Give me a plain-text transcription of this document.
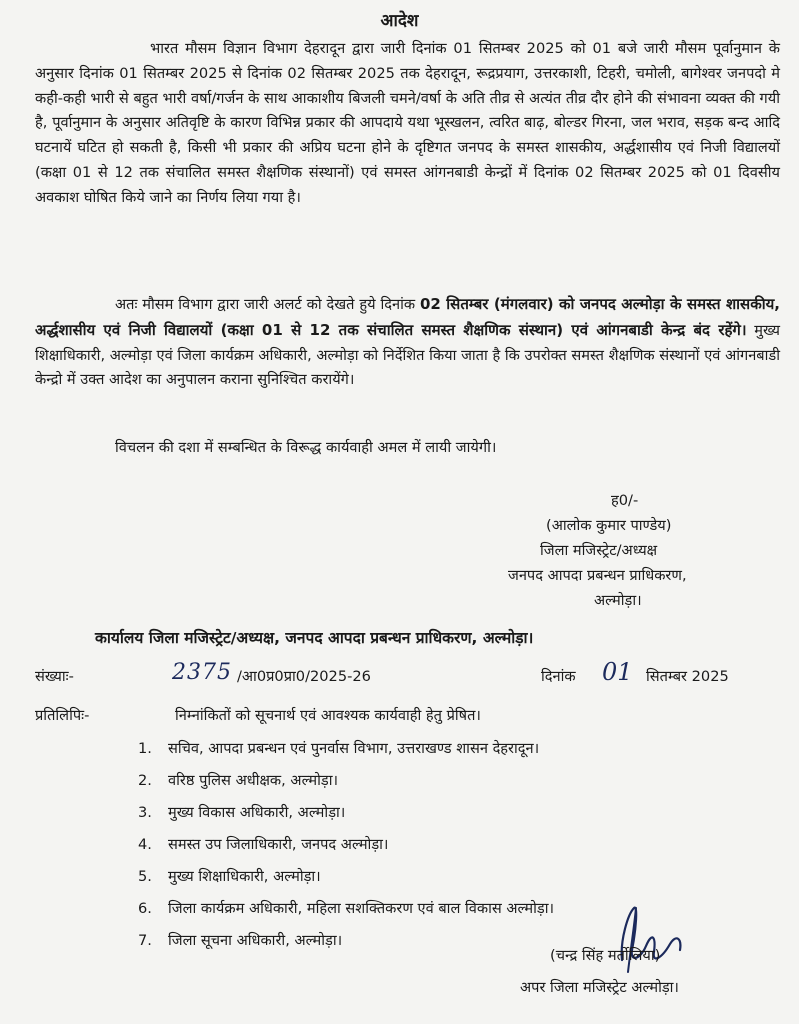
आदेश
भारत मौसम विज्ञान विभाग देहरादून द्वारा जारी दिनांक 01 सितम्बर 2025 को 01 बजे जारी मौसम पूर्वानुमान के अनुसार दिनांक 01 सितम्बर 2025 से दिनांक 02 सितम्बर 2025 तक देहरादून, रूद्रप्रयाग, उत्तरकाशी, टिहरी, चमोली, बागेश्वर जनपदो मे कही-कही भारी से बहुत भारी वर्षा/गर्जन के साथ आकाशीय बिजली चमने/वर्षा के अति तीव्र से अत्यंत तीव्र दौर होने की संभावना व्यक्त की गयी है, पूर्वानुमान के अनुसार अतिवृष्टि के कारण विभिन्न प्रकार की आपदाये यथा भूस्खलन, त्वरित बाढ़, बोल्डर गिरना, जल भराव, सड़क बन्द आदि घटनायें घटित हो सकती है, किसी भी प्रकार की अप्रिय घटना होने के दृष्टिगत जनपद के समस्त शासकीय, अर्द्धशासीय एवं निजी विद्यालयों (कक्षा 01 से 12 तक संचालित समस्त शैक्षणिक संस्थानों) एवं समस्त आंगनबाडी केन्द्रों में दिनांक 02 सितम्बर 2025 को 01 दिवसीय अवकाश घोषित किये जाने का निर्णय लिया गया है।
अतः मौसम विभाग द्वारा जारी अलर्ट को देखते हुये दिनांक 02 सितम्बर (मंगलवार) को जनपद अल्मोड़ा के समस्त शासकीय, अर्द्धशासीय एवं निजी विद्यालयों (कक्षा 01 से 12 तक संचालित समस्त शैक्षणिक संस्थान) एवं आंगनबाडी केन्द्र बंद रहेंगे। मुख्य शिक्षाधिकारी, अल्मोड़ा एवं जिला कार्यक्रम अधिकारी, अल्मोड़ा को निर्देशित किया जाता है कि उपरोक्त समस्त शैक्षणिक संस्थानों एवं आंगनबाडी केन्द्रो में उक्त आदेश का अनुपालन कराना सुनिश्चित करायेंगे।
विचलन की दशा में सम्बन्धित के विरूद्ध कार्यवाही अमल में लायी जायेगी।
ह0/-
(आलोक कुमार पाण्डेय)
जिला मजिस्ट्रेट/अध्यक्ष
जनपद आपदा प्रबन्धन प्राधिकरण,
अल्मोड़ा।
कार्यालय जिला मजिस्ट्रेट/अध्यक्ष, जनपद आपदा प्रबन्धन प्राधिकरण, अल्मोड़ा।
संख्याः-	2375 /आ0प्र0प्रा0/2025-26	दिनांक 01 सितम्बर 2025
प्रतिलिपिः-	निम्नांकितों को सूचनार्थ एवं आवश्यक कार्यवाही हेतु प्रेषित।
1. सचिव, आपदा प्रबन्धन एवं पुनर्वास विभाग, उत्तराखण्ड शासन देहरादून।
2. वरिष्ठ पुलिस अधीक्षक, अल्मोड़ा।
3. मुख्य विकास अधिकारी, अल्मोड़ा।
4. समस्त उप जिलाधिकारी, जनपद अल्मोड़ा।
5. मुख्य शिक्षाधिकारी, अल्मोड़ा।
6. जिला कार्यक्रम अधिकारी, महिला सशक्तिकरण एवं बाल विकास अल्मोड़ा।
7. जिला सूचना अधिकारी, अल्मोड़ा।
(चन्द्र सिंह मर्तोलिया)
अपर जिला मजिस्ट्रेट अल्मोड़ा।
